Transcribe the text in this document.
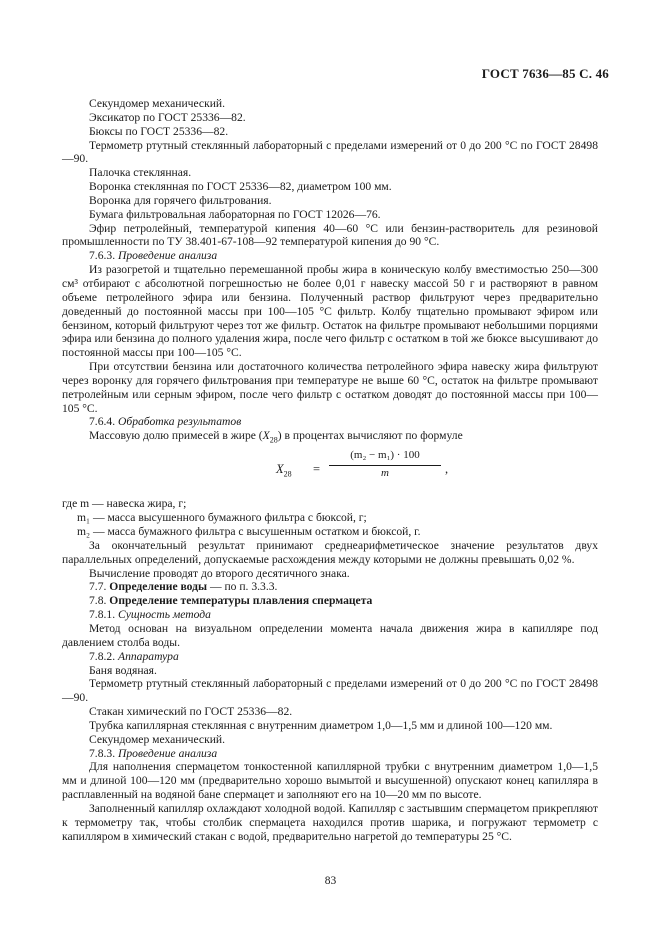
ГОСТ 7636—85 С. 46

Секундомер механический.

Эксикатор по ГОСТ 25336—82.

Бюксы по ГОСТ 25336—82.

Термометр ртутный стеклянный лабораторный с пределами измерений от 0 до 200 °С по ГОСТ 28498—90.

Палочка стеклянная.

Воронка стеклянная по ГОСТ 25336—82, диаметром 100 мм.

Воронка для горячего фильтрования.

Бумага фильтровальная лабораторная по ГОСТ 12026—76.

Эфир петролейный, температурой кипения 40—60 °С или бензин-растворитель для резиновой промышленности по ТУ 38.401-67-108—92 температурой кипения до 90 °С.

7.6.3. Проведение анализа

Из разогретой и тщательно перемешанной пробы жира в коническую колбу вместимостью 250—300 см³ отбирают с абсолютной погрешностью не более 0,01 г навеску массой 50 г и растворяют в равном объеме петролейного эфира или бензина. Полученный раствор фильтруют через предварительно доведенный до постоянной массы при 100—105 °С фильтр. Колбу тщательно промывают эфиром или бензином, который фильтруют через тот же фильтр. Остаток на фильтре промывают небольшими порциями эфира или бензина до полного удаления жира, после чего фильтр с остатком в той же бюксе высушивают до постоянной массы при 100—105 °С.

При отсутствии бензина или достаточного количества петролейного эфира навеску жира фильтруют через воронку для горячего фильтрования при температуре не выше 60 °С, остаток на фильтре промывают петролейным или серным эфиром, после чего фильтр с остатком доводят до постоянной массы при 100—105 °С.

7.6.4. Обработка результатов

Массовую долю примесей в жире $(X_{28})$ в процентах вычисляют по формуле

$X_{28}$ =
(m₂ − m₁) · 100
m	,

где m — навеска жира, г;

m₁ — масса высушенного бумажного фильтра с бюксой, г;

m₂ — масса бумажного фильтра с высушенным остатком и бюксой, г.

За окончательный результат принимают среднеарифметическое значение результатов двух параллельных определений, допускаемые расхождения между которыми не должны превышать 0,02 %.

Вычисление проводят до второго десятичного знака.

7.7. Определение воды — по п. 3.3.3.

7.8. Определение температуры плавления спермацета

7.8.1. Сущность метода

Метод основан на визуальном определении момента начала движения жира в капилляре под давлением столба воды.

7.8.2. Аппаратура

Баня водяная.

Термометр ртутный стеклянный лабораторный с пределами измерений от 0 до 200 °С по ГОСТ 28498—90.

Стакан химический по ГОСТ 25336—82.

Трубка капиллярная стеклянная с внутренним диаметром 1,0—1,5 мм и длиной 100—120 мм.

Секундомер механический.

7.8.3. Проведение анализа

Для наполнения спермацетом тонкостенной капиллярной трубки с внутренним диаметром 1,0—1,5 мм и длиной 100—120 мм (предварительно хорошо вымытой и высушенной) опускают конец капилляра в расплавленный на водяной бане спермацет и заполняют его на 10—20 мм по высоте.

Заполненный капилляр охлаждают холодной водой. Капилляр с застывшим спермацетом прикрепляют к термометру так, чтобы столбик спермацета находился против шарика, и погружают термометр с капилляром в химический стакан с водой, предварительно нагретой до температуры 25 °С.

83
